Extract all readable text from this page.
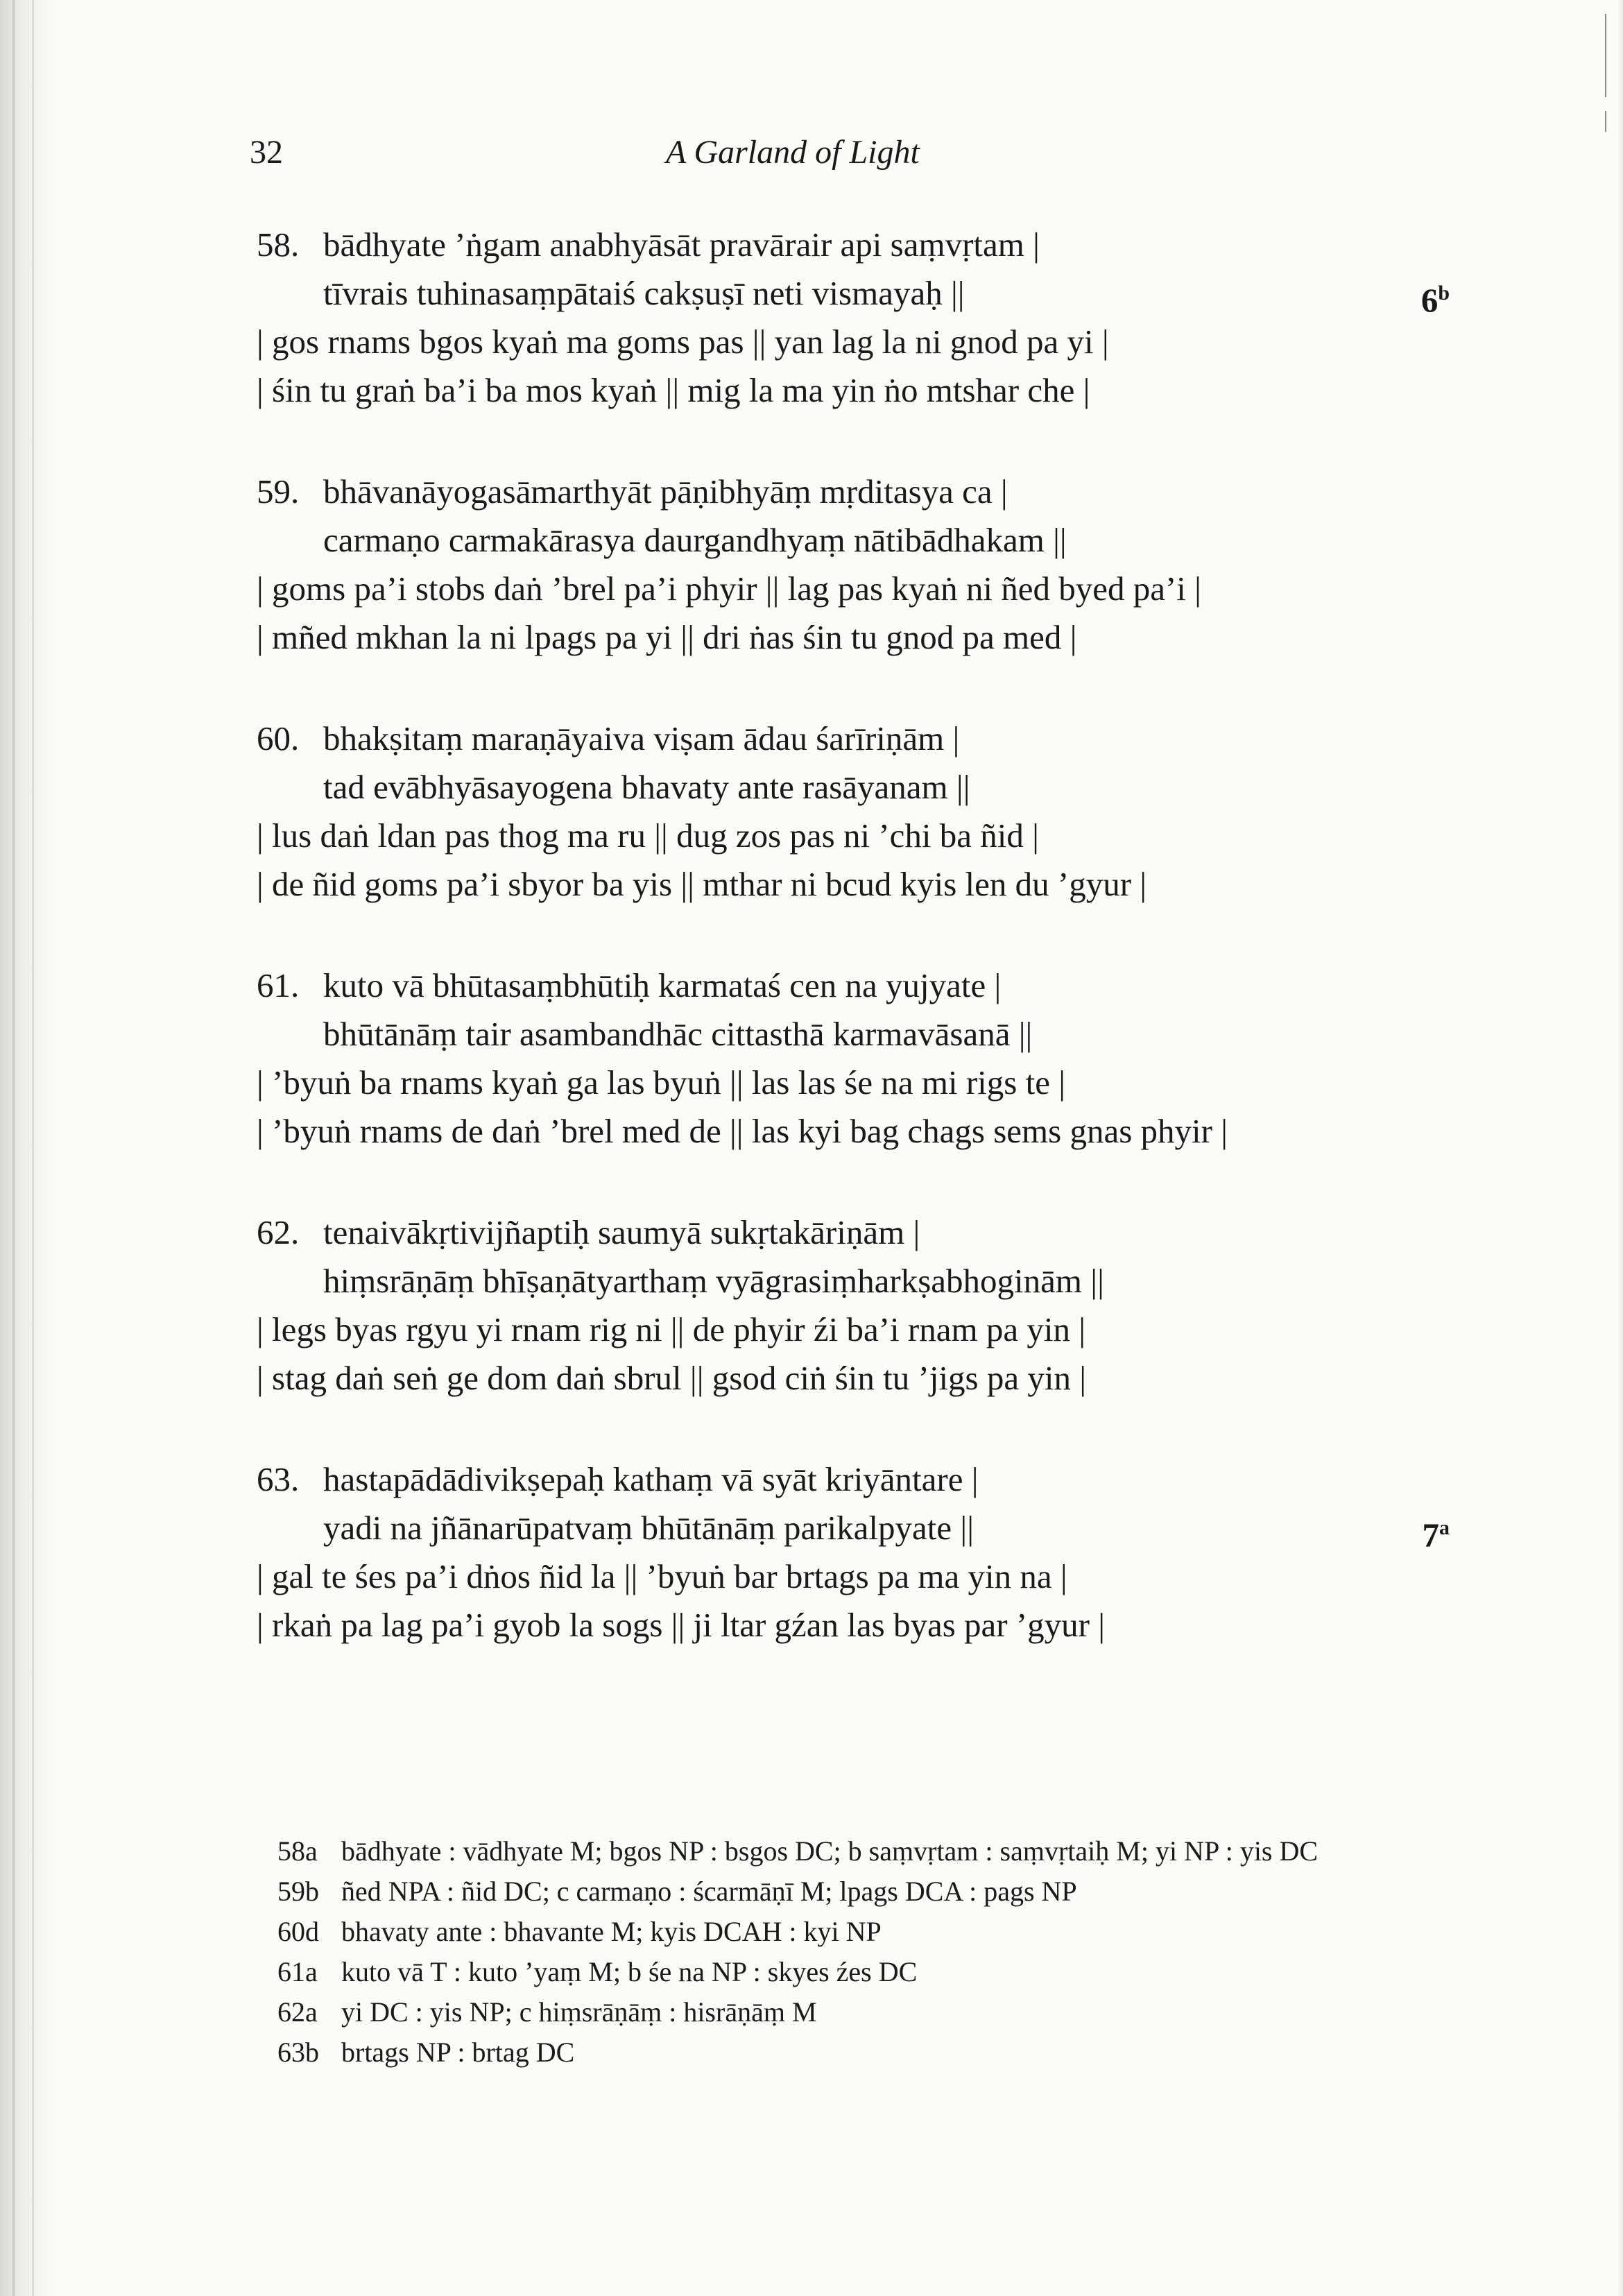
32	A Garland of Light
58. bādhyate ’ṅgam anabhyāsāt pravārair api saṃvṛtam |
tīvrais tuhinasaṃpātaiś cakṣuṣī neti vismayaḥ ||	6$^b$
| gos rnams bgos kyaṅ ma goms pas || yan lag la ni gnod pa yi |
| śin tu graṅ ba’i ba mos kyaṅ || mig la ma yin ṅo mtshar che |
59. bhāvanāyogasāmarthyāt pāṇibhyāṃ mṛditasya ca |
carmaṇo carmakārasya daurgandhyaṃ nātibādhakam ||
| goms pa’i stobs daṅ ’brel pa’i phyir || lag pas kyaṅ ni ñed byed pa’i |
| mñed mkhan la ni lpags pa yi || dri ṅas śin tu gnod pa med |
60. bhakṣitaṃ maraṇāyaiva viṣam ādau śarīriṇām |
tad evābhyāsayogena bhavaty ante rasāyanam ||
| lus daṅ ldan pas thog ma ru || dug zos pas ni ’chi ba ñid |
| de ñid goms pa’i sbyor ba yis || mthar ni bcud kyis len du ’gyur |
61. kuto vā bhūtasaṃbhūtiḥ karmataś cen na yujyate |
bhūtānāṃ tair asambandhāc cittasthā karmavāsanā ||
| ’byuṅ ba rnams kyaṅ ga las byuṅ || las las śe na mi rigs te |
| ’byuṅ rnams de daṅ ’brel med de || las kyi bag chags sems gnas phyir |
62. tenaivākṛtivijñaptiḥ saumyā sukṛtakāriṇām |
hiṃsrāṇāṃ bhīṣaṇātyarthaṃ vyāgrasiṃharkṣabhoginām ||
| legs byas rgyu yi rnam rig ni || de phyir źi ba’i rnam pa yin |
| stag daṅ seṅ ge dom daṅ sbrul || gsod ciṅ śin tu ’jigs pa yin |
63. hastapādādivikṣepaḥ kathaṃ vā syāt kriyāntare |
yadi na jñānarūpatvaṃ bhūtānāṃ parikalpyate ||	7$^a$
| gal te śes pa’i dṅos ñid la || ’byuṅ bar brtags pa ma yin na |
| rkaṅ pa lag pa’i gyob la sogs || ji ltar gźan las byas par ’gyur |
58a bādhyate : vādhyate M; bgos NP : bsgos DC; b saṃvṛtam : saṃvṛtaiḥ M; yi NP : yis DC
59b ñed NPA : ñid DC; c carmaṇo : ścarmāṇī M; lpags DCA : pags NP
60d bhavaty ante : bhavante M; kyis DCAH : kyi NP
61a kuto vā T : kuto ’yaṃ M; b śe na NP : skyes źes DC
62a yi DC : yis NP; c hiṃsrāṇāṃ : hisrāṇāṃ M
63b brtags NP : brtag DC
